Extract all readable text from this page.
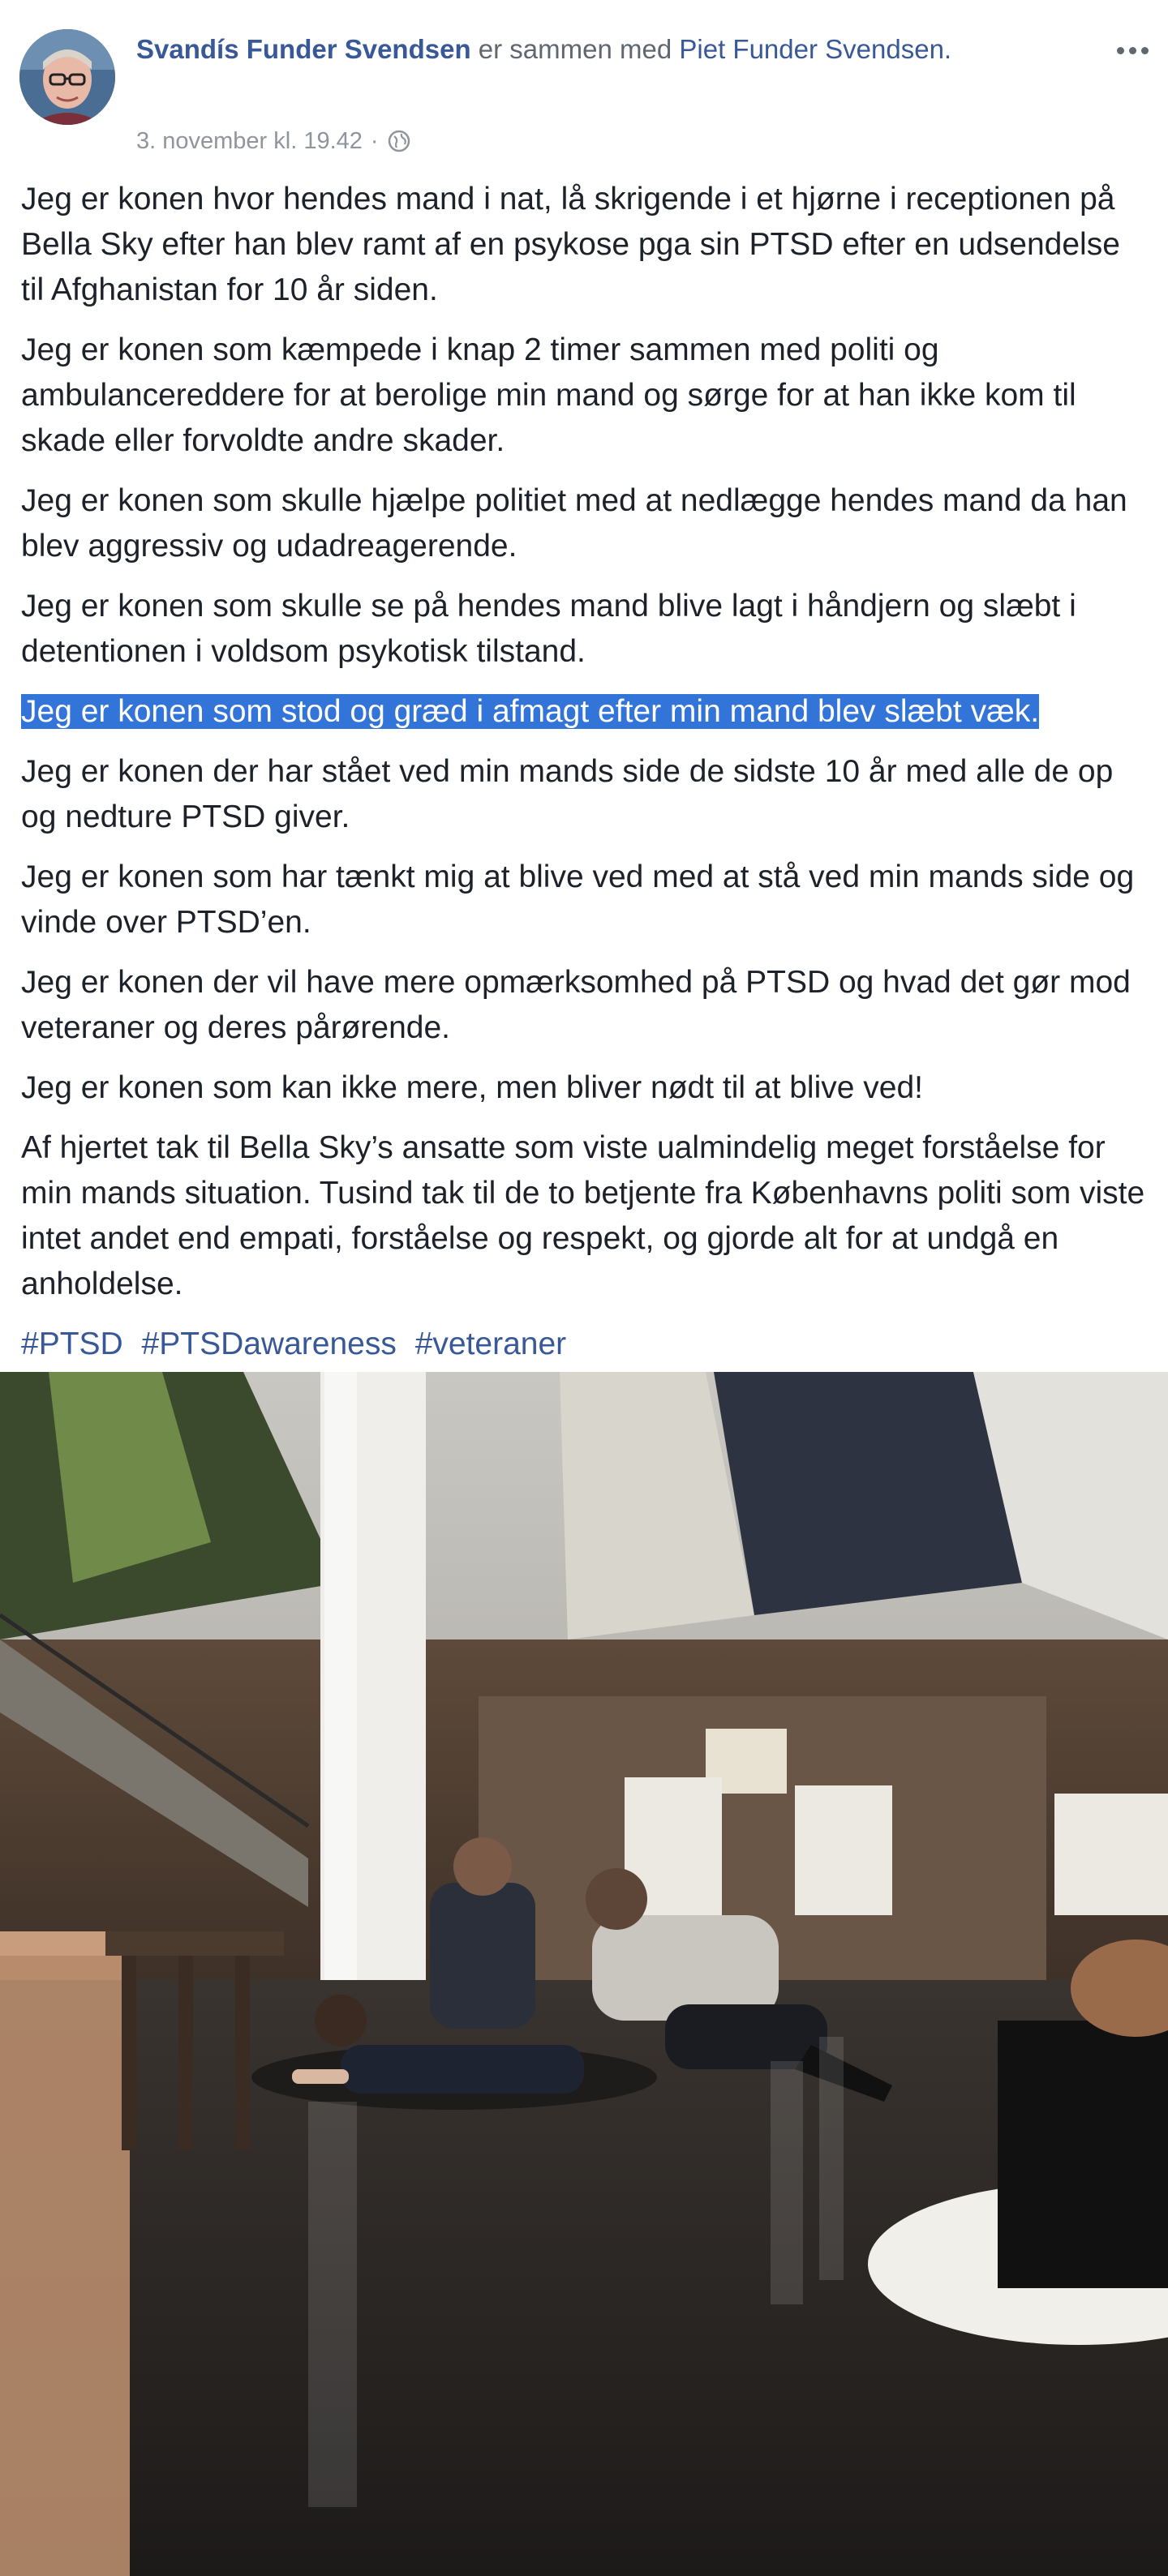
Svandís Funder Svendsen er sammen med Piet Funder Svendsen.
3. november kl. 19.42 ·

Jeg er konen hvor hendes mand i nat, lå skrigende i et hjørne i receptionen på Bella Sky efter han blev ramt af en psykose pga sin PTSD efter en udsendelse til Afghanistan for 10 år siden.

Jeg er konen som kæmpede i knap 2 timer sammen med politi og ambulancereddere for at berolige min mand og sørge for at han ikke kom til skade eller forvoldte andre skader.

Jeg er konen som skulle hjælpe politiet med at nedlægge hendes mand da han blev aggressiv og udadreagerende.

Jeg er konen som skulle se på hendes mand blive lagt i håndjern og slæbt i detentionen i voldsom psykotisk tilstand.

Jeg er konen som stod og græd i afmagt efter min mand blev slæbt væk.

Jeg er konen der har stået ved min mands side de sidste 10 år med alle de op og nedture PTSD giver.

Jeg er konen som har tænkt mig at blive ved med at stå ved min mands side og vinde over PTSD’en.

Jeg er konen der vil have mere opmærksomhed på PTSD og hvad det gør mod veteraner og deres pårørende.

Jeg er konen som kan ikke mere, men bliver nødt til at blive ved!

Af hjertet tak til Bella Sky’s ansatte som viste ualmindelig meget forståelse for min mands situation. Tusind tak til de to betjente fra Københavns politi som viste intet andet end empati, forståelse og respekt, og gjorde alt for at undgå en anholdelse.

#PTSD #PTSDawareness #veteraner
